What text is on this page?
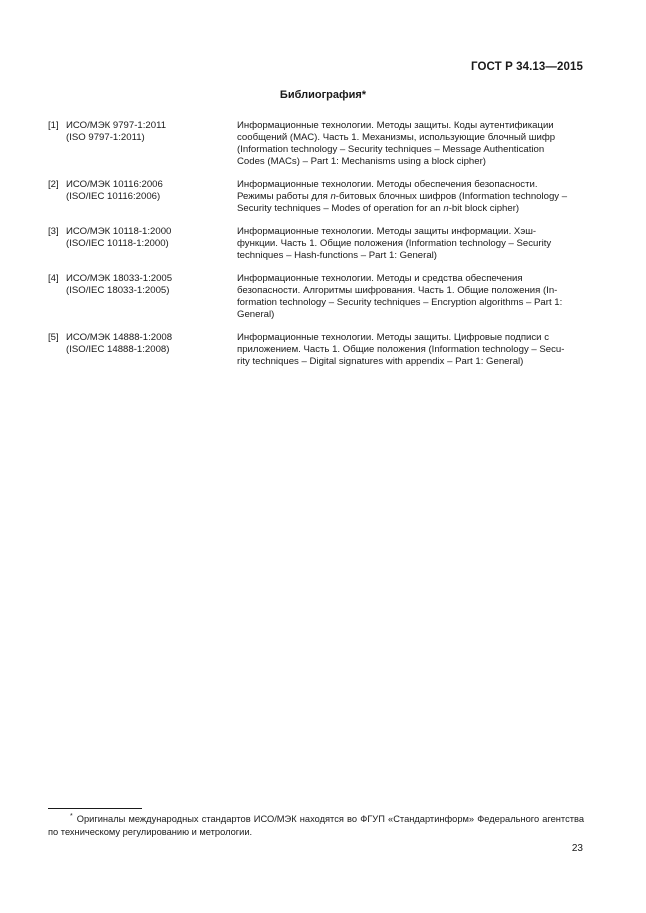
ГОСТ Р 34.13—2015
Библиография*
[1] ИСО/МЭК 9797-1:2011
(ISO 9797-1:2011)
Информационные технологии. Методы защиты. Коды аутентификации
сообщений (МАС). Часть 1. Механизмы, использующие блочный шифр
(Information technology – Security techniques – Message Authentication
Codes (MACs) – Part 1: Mechanisms using a block cipher)
[2] ИСО/МЭК 10116:2006
(ISO/IEC 10116:2006)
Информационные технологии. Методы обеспечения безопасности.
Режимы работы для n-битовых блочных шифров (Information technology –
Security techniques – Modes of operation for an n-bit block cipher)
[3] ИСО/МЭК 10118-1:2000
(ISO/IEC 10118-1:2000)
Информационные технологии. Методы защиты информации. Хэш-
функции. Часть 1. Общие положения (Information technology – Security
techniques – Hash-functions – Part 1: General)
[4] ИСО/МЭК 18033-1:2005
(ISO/IEC 18033-1:2005)
Информационные технологии. Методы и средства обеспечения
безопасности. Алгоритмы шифрования. Часть 1. Общие положения (In-
formation technology – Security techniques – Encryption algorithms – Part 1:
General)
[5] ИСО/МЭК 14888-1:2008
(ISO/IEC 14888-1:2008)
Информационные технологии. Методы защиты. Цифровые подписи с
приложением. Часть 1. Общие положения (Information technology – Secu-
rity techniques – Digital signatures with appendix – Part 1: General)
* Оригиналы международных стандартов ИСО/МЭК находятся во ФГУП «Стандартинформ» Федерального агентства по техническому регулированию и метрологии.
23
